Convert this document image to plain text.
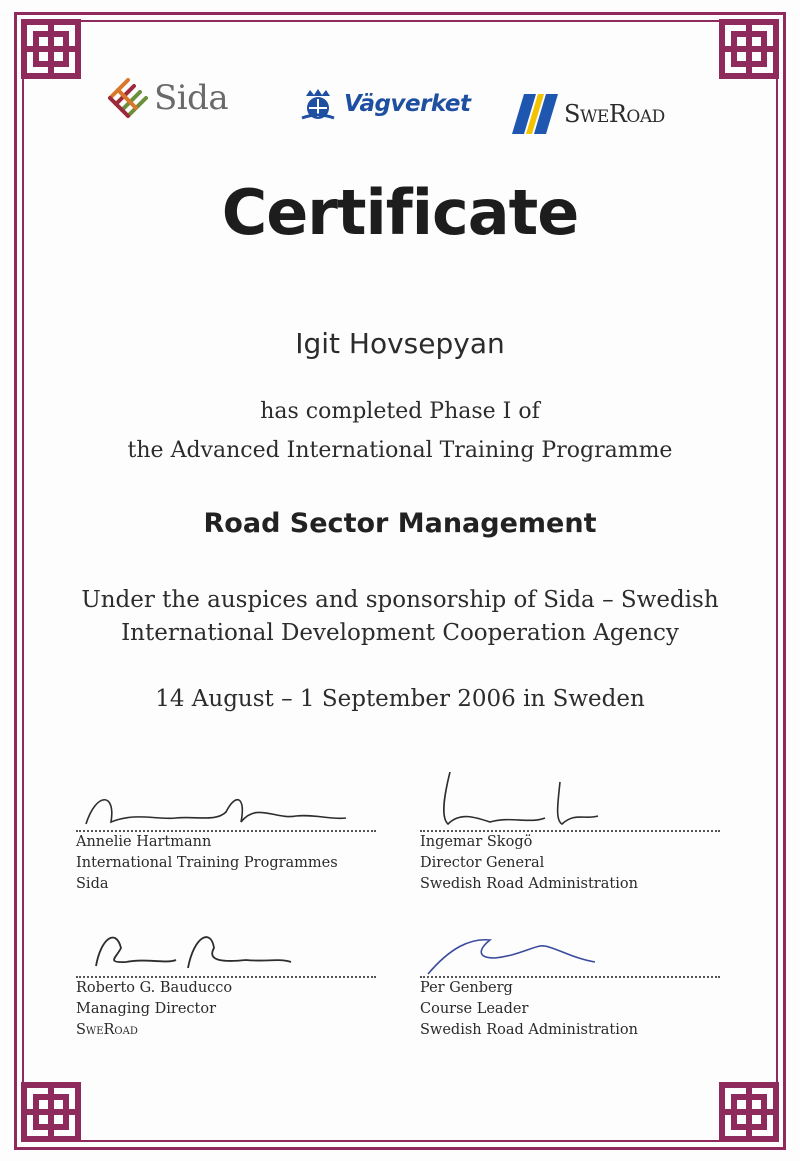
Sida	Vägverket	SweRoad
Certificate
Igit Hovsepyan
has completed Phase I of
the Advanced International Training Programme
Road Sector Management
Under the auspices and sponsorship of Sida – Swedish
International Development Cooperation Agency
14 August – 1 September 2006 in Sweden
Annelie Hartmann
International Training Programmes
Sida
Ingemar Skogö
Director General
Swedish Road Administration
Roberto G. Bauducco
Managing Director
SweRoad
Per Genberg
Course Leader
Swedish Road Administration
